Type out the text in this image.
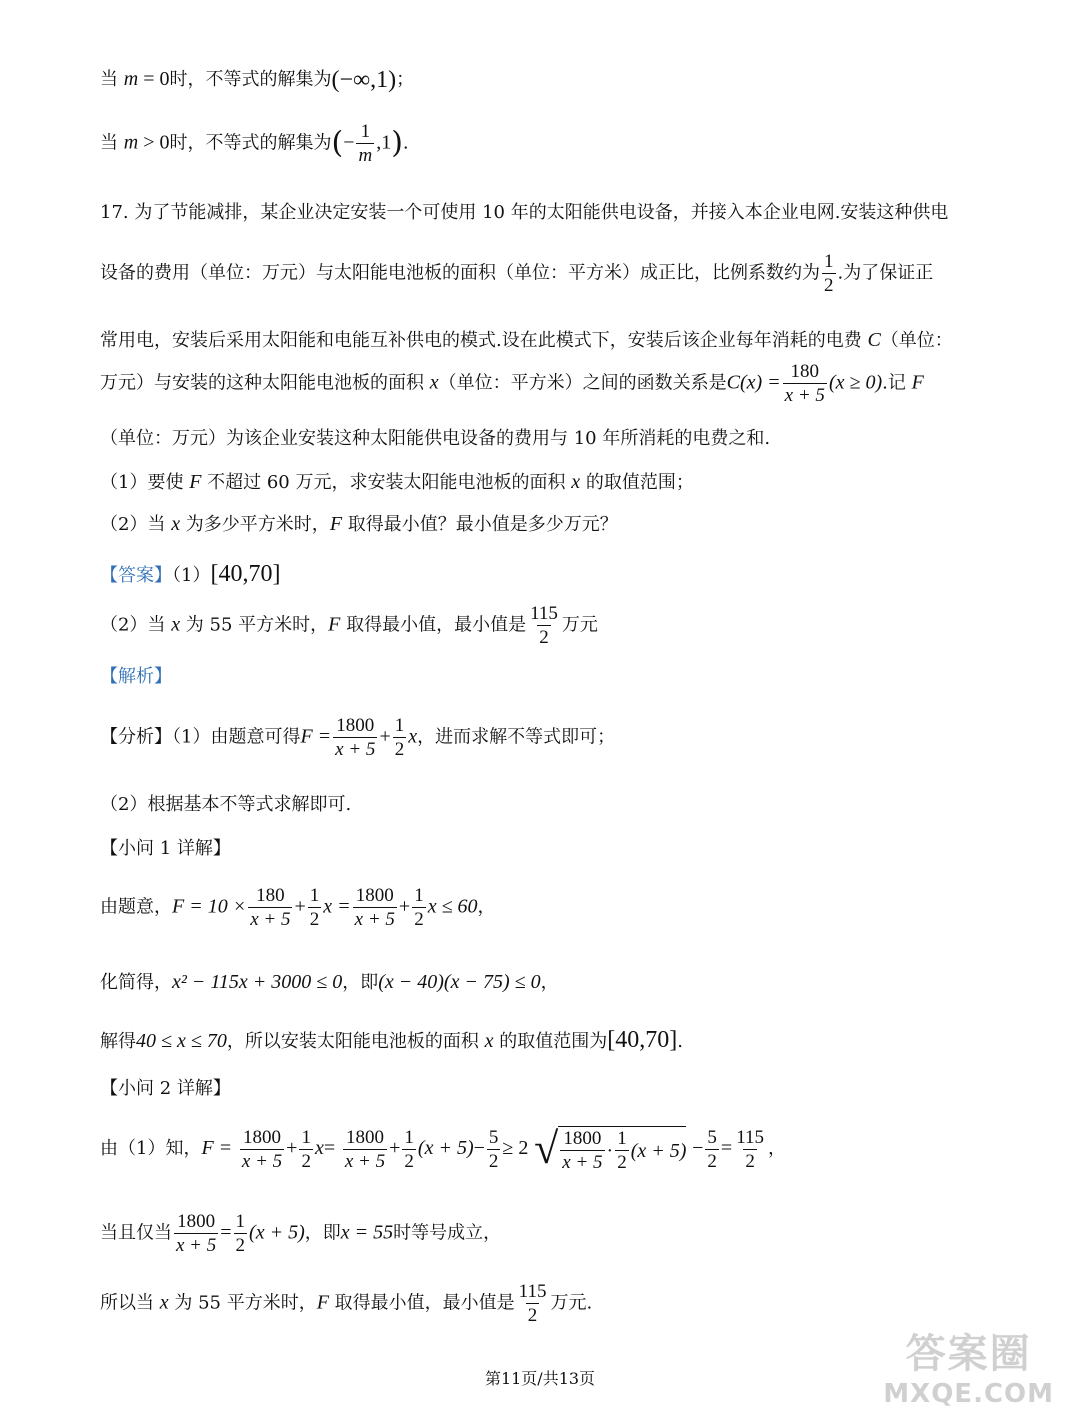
当 m = 0时，不等式的解集为(−∞,1)；
当 m > 0时，不等式的解集为(− $\frac{1}{m} ,1$).
17. 为了节能减排，某企业决定安装一个可使用 10 年的太阳能供电设备，并接入本企业电网.安装这种供电
设备的费用（单位：万元）与太阳能电池板的面积（单位：平方米）成正比，比例系数约为 $\frac{1}{2}$ .为了保证正
常用电，安装后采用太阳能和电能互补供电的模式.设在此模式下，安装后该企业每年消耗的电费 C（单位：
万元）与安装的这种太阳能电池板的面积 x（单位：平方米）之间的函数关系是$C(x) = \frac{180}{x + 5} (x \ge 0)$.记 F
（单位：万元）为该企业安装这种太阳能供电设备的费用与 10 年所消耗的电费之和.
（1）要使 F 不超过 60 万元，求安装太阳能电池板的面积 x 的取值范围；
（2）当 x 为多少平方米时，F 取得最小值？最小值是多少万元？
【答案】（1）[40,70]
（2）当 x 为 55 平方米时，F 取得最小值，最小值是 $\frac{115}{2}$ 万元
【解析】
【分析】（1）由题意可得$F = \frac{1800}{x + 5} + \frac{1}{2}$ x，进而求解不等式即可；
（2）根据基本不等式求解即可.
【小问 1 详解】
由题意，$F = 10 \times \frac{180}{x + 5} + \frac{1}{2}$ $x = \frac{1800}{x + 5} + \frac{1}{2}$ x ≤ 60，
化简得，x² − 115x + 3000 ≤ 0，即(x − 40)(x − 75) ≤ 0，
解得40 ≤ x ≤ 70，所以安装太阳能电池板的面积 x 的取值范围为[40,70].
【小问 2 详解】
由（1）知，$F = \frac{1800}{x + 5} + \frac{1}{2} x= \frac{1800}{x + 5} + \frac{1}{2} (x + 5)- \frac{5}{2} \ge 2$ √ 1800
x + 5
·
1
2
$(x + 5) - \frac{5}{2} = \frac{115}{2}$ ，
当且仅当 $\frac{1800}{x + 5} = \frac{1}{2} (x + 5)$，即x = 55时等号成立，
所以当 x 为 55 平方米时，F 取得最小值，最小值是 $\frac{115}{2}$ 万元.
第11页/共13页
答案圈
MXQE.COM
